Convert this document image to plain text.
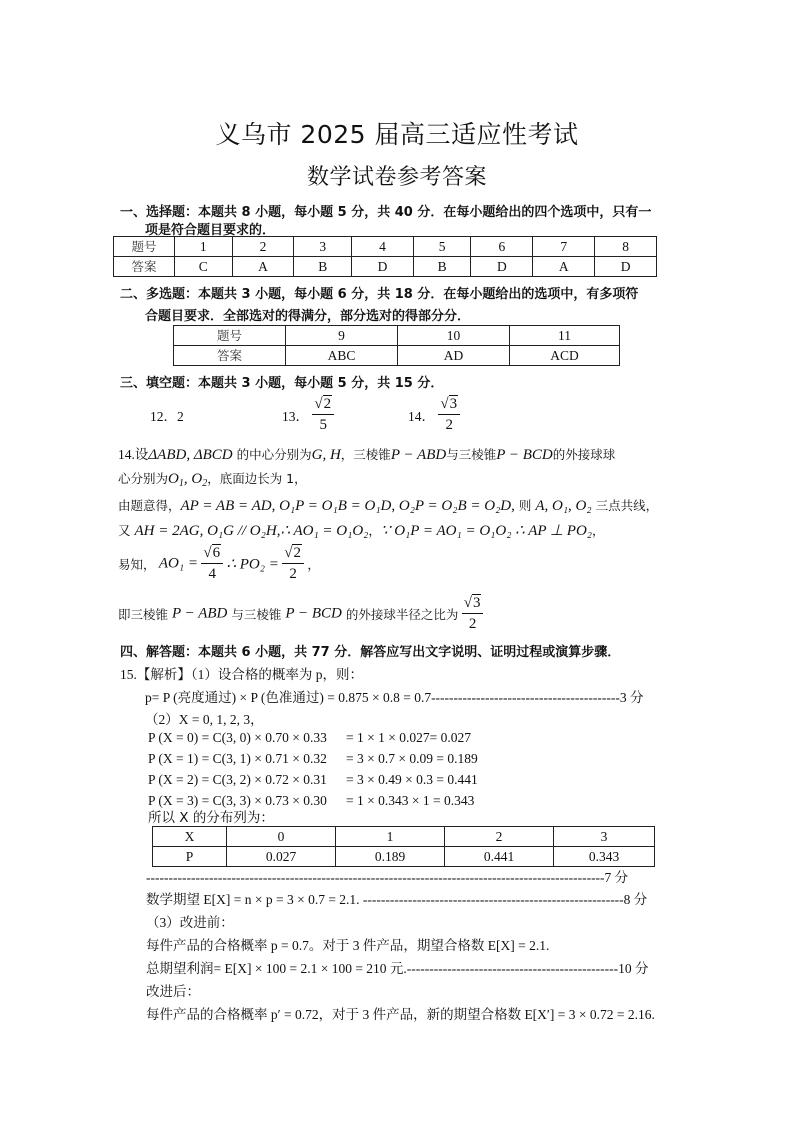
义乌市 2025 届高三适应性考试
数学试卷参考答案
一、选择题：本题共 8 小题，每小题 5 分，共 40 分．在每小题给出的四个选项中，只有一
项是符合题目要求的．
题号	1	2	3	4	5	6	7	8
答案	C	A	B	D	B	D	A	D
二、多选题：本题共 3 小题，每小题 6 分，共 18 分．在每小题给出的选项中，有多项符
合题目要求．全部选对的得满分，部分选对的得部分分．
题号	9	10	11
答案	ABC	AD	ACD
三、填空题：本题共 3 小题，每小题 5 分，共 15 分．
12．2	13． $\frac{√2}{5}$	14． $\frac{√3}{2}$
14.设ΔABD, ΔBCD 的中心分别为G, H，三棱锥P − ABD与三棱锥P − BCD的外接球球
心分别为$O_1$, $O_2$，底面边长为 1，
由题意得，AP = AB = AD, O₁P = O₁B = O₁D, O₂P = O₂B = O₂D, 则 A, O₁, O₂ 三点共线，
又 AH = 2AG, O₁G // O₂H,∴ AO₁ = O₁O₂，∵ O₁P = AO₁ = O₁O₂ ∴ AP ⊥ PO₂，
易知， $AO_1 = \frac{√6}{4}$ ∴ $PO_2 = \frac{√2}{2}$ ，
即三棱锥 P − ABD 与三棱锥 P − BCD 的外接球半径之比为 $\frac{√3}{2}$
四、解答题：本题共 6 小题，共 77 分．解答应写出文字说明、证明过程或演算步骤．
15.【解析】（1）设合格的概率为 p，则：
p= P (亮度通过) × P (色准通过) = 0.875 × 0.8 = 0.7------------------------------------------3 分
（2）X = 0, 1, 2, 3，
P (X = 0) = C(3, 0) × 0.70 × 0.33 = 1 × 1 × 0.027= 0.027
P (X = 1) = C(3, 1) × 0.71 × 0.32 = 3 × 0.7 × 0.09 = 0.189
P (X = 2) = C(3, 2) × 0.72 × 0.31 = 3 × 0.49 × 0.3 = 0.441
P (X = 3) = C(3, 3) × 0.73 × 0.30 = 1 × 0.343 × 1 = 0.343
所以 X 的分布列为：
X	0	1	2	3
P	0.027	0.189	0.441	0.343
------------------------------------------------------------------------------------------------------7 分
数学期望 E[X] = n × p = 3 × 0.7 = 2.1. ----------------------------------------------------------8 分
（3）改进前：
每件产品的合格概率 p = 0.7。对于 3 件产品，期望合格数 E[X] = 2.1.
总期望利润= E[X] × 100 = 2.1 × 100 = 210 元.-----------------------------------------------10 分
改进后：
每件产品的合格概率 p′ = 0.72，对于 3 件产品，新的期望合格数 E[X′] = 3 × 0.72 = 2.16.
